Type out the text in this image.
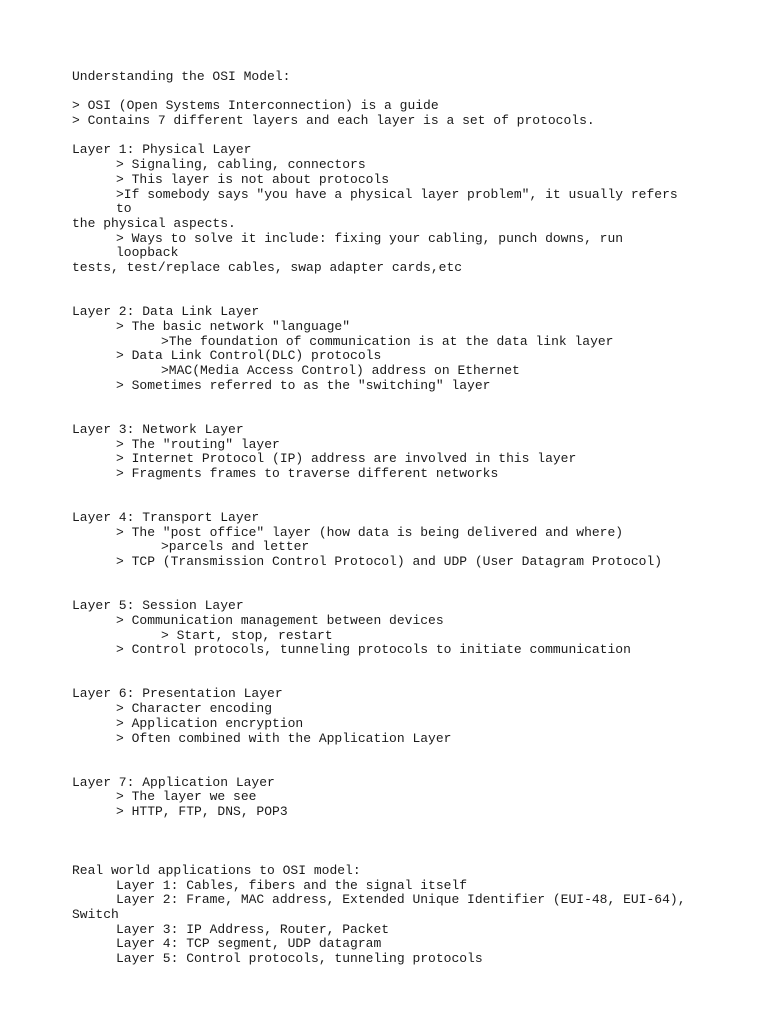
Understanding the OSI Model:
> OSI (Open Systems Interconnection) is a guide
> Contains 7 different layers and each layer is a set of protocols.
Layer 1: Physical Layer
> Signaling, cabling, connectors
> This layer is not about protocols
>If somebody says "you have a physical layer problem", it usually refers to
the physical aspects.
> Ways to solve it include: fixing your cabling, punch downs, run loopback
tests, test/replace cables, swap adapter cards,etc
Layer 2: Data Link Layer
> The basic network "language"
>The foundation of communication is at the data link layer
> Data Link Control(DLC) protocols
>MAC(Media Access Control) address on Ethernet
> Sometimes referred to as the "switching" layer
Layer 3: Network Layer
> The "routing" layer
> Internet Protocol (IP) address are involved in this layer
> Fragments frames to traverse different networks
Layer 4: Transport Layer
> The "post office" layer (how data is being delivered and where)
>parcels and letter
> TCP (Transmission Control Protocol) and UDP (User Datagram Protocol)
Layer 5: Session Layer
> Communication management between devices
> Start, stop, restart
> Control protocols, tunneling protocols to initiate communication
Layer 6: Presentation Layer
> Character encoding
> Application encryption
> Often combined with the Application Layer
Layer 7: Application Layer
> The layer we see
> HTTP, FTP, DNS, POP3
Real world applications to OSI model:
Layer 1: Cables, fibers and the signal itself
Layer 2: Frame, MAC address, Extended Unique Identifier (EUI-48, EUI-64),
Switch
Layer 3: IP Address, Router, Packet
Layer 4: TCP segment, UDP datagram
Layer 5: Control protocols, tunneling protocols
